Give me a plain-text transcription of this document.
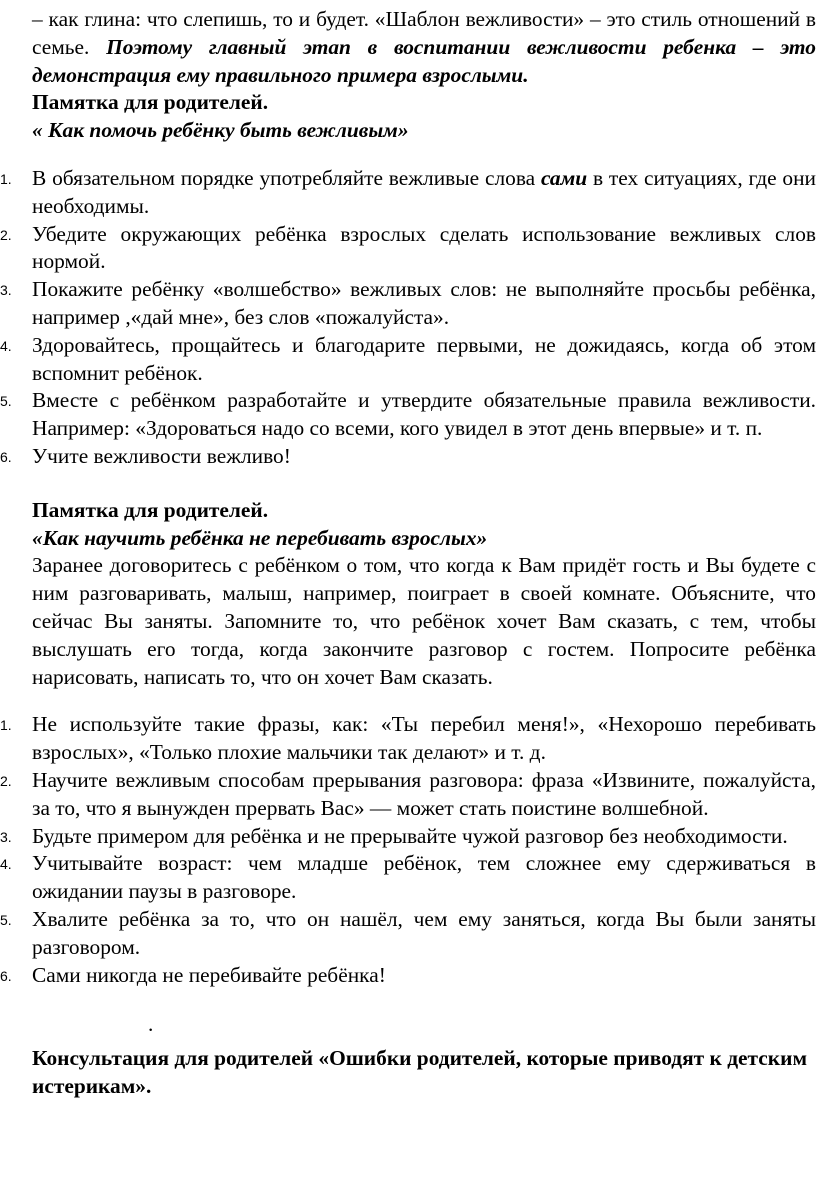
– как глина: что слепишь, то и будет. «Шаблон вежливости» – это стиль отношений в семье. Поэтому главный этап в воспитании вежливости ребенка – это демонстрация ему правильного примера взрослыми.

Памятка для родителей.

« Как помочь ребёнку быть вежливым»

1. В обязательном порядке употребляйте вежливые слова сами в тех ситуациях, где они необходимы.
2. Убедите окружающих ребёнка взрослых сделать использование вежливых слов нормой.
3. Покажите ребёнку «волшебство» вежливых слов: не выполняйте просьбы ребёнка, например ,«дай мне», без слов «пожалуйста».
4. Здоровайтесь, прощайтесь и благодарите первыми, не дожидаясь, когда об этом вспомнит ребёнок.
5. Вместе с ребёнком разработайте и утвердите обязательные правила вежливости. Например: «Здороваться надо со всеми, кого увидел в этот день впервые» и т. п.
6. Учите вежливости вежливо!

Памятка для родителей.

«Как научить ребёнка не перебивать взрослых»

Заранее договоритесь с ребёнком о том, что когда к Вам придёт гость и Вы будете с ним разговаривать, малыш, например, поиграет в своей комнате. Объясните, что сейчас Вы заняты. Запомните то, что ребёнок хочет Вам сказать, с тем, чтобы выслушать его тогда, когда закончите разговор с гостем. Попросите ребёнка нарисовать, написать то, что он хочет Вам сказать.

1. Не используйте такие фразы, как: «Ты перебил меня!», «Нехорошо перебивать взрослых», «Только плохие мальчики так делают» и т. д.
2. Научите вежливым способам прерывания разговора: фраза «Извините, пожалуйста, за то, что я вынужден прервать Вас» — может стать поистине волшебной.
3. Будьте примером для ребёнка и не прерывайте чужой разговор без необходимости.
4. Учитывайте возраст: чем младше ребёнок, тем сложнее ему сдерживаться в ожидании паузы в разговоре.
5. Хвалите ребёнка за то, что он нашёл, чем ему заняться, когда Вы были заняты разговором.
6. Сами никогда не перебивайте ребёнка!

.

Консультация для родителей «Ошибки родителей, которые приводят к детским истерикам».
